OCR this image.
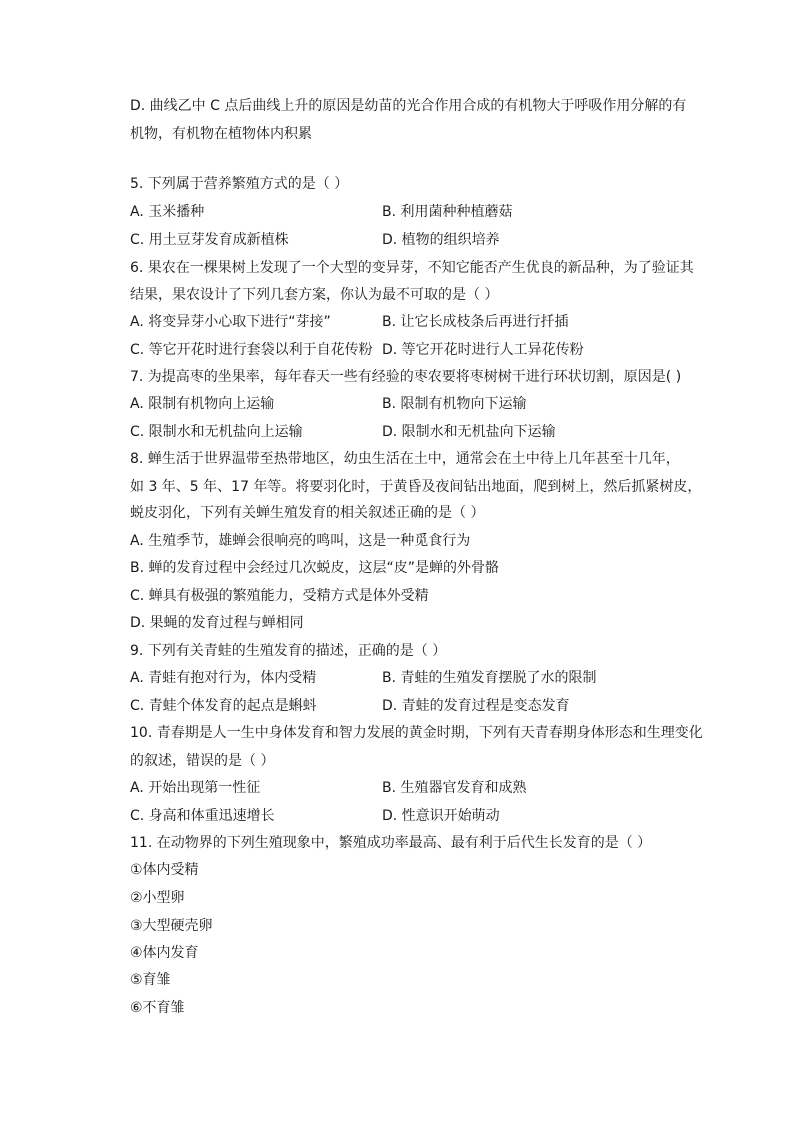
D. 曲线乙中 C 点后曲线上升的原因是幼苗的光合作用合成的有机物大于呼吸作用分解的有
机物，有机物在植物体内积累
5. 下列属于营养繁殖方式的是（ ）
A. 玉米播种	B. 利用菌种种植蘑菇
C. 用土豆芽发育成新植株	D. 植物的组织培养
6. 果农在一棵果树上发现了一个大型的变异芽，不知它能否产生优良的新品种，为了验证其
结果，果农设计了下列几套方案，你认为最不可取的是（ ）
A. 将变异芽小心取下进行“芽接”	B. 让它长成枝条后再进行扦插
C. 等它开花时进行套袋以利于自花传粉 D. 等它开花时进行人工异花传粉
7. 为提高枣的坐果率，每年春天一些有经验的枣农要将枣树树干进行环状切割，原因是( )
A. 限制有机物向上运输	B. 限制有机物向下运输
C. 限制水和无机盐向上运输	D. 限制水和无机盐向下运输
8. 蝉生活于世界温带至热带地区，幼虫生活在土中，通常会在土中待上几年甚至十几年，
如 3 年、5 年、17 年等。将要羽化时，于黄昏及夜间钻出地面，爬到树上，然后抓紧树皮，
蜕皮羽化，下列有关蝉生殖发育的相关叙述正确的是（ ）
A. 生殖季节，雄蝉会很响亮的鸣叫，这是一种觅食行为
B. 蝉的发育过程中会经过几次蜕皮，这层“皮”是蝉的外骨骼
C. 蝉具有极强的繁殖能力，受精方式是体外受精
D. 果蝇的发育过程与蝉相同
9. 下列有关青蛙的生殖发育的描述，正确的是（ ）
A. 青蛙有抱对行为，体内受精	B. 青蛙的生殖发育摆脱了水的限制
C. 青蛙个体发育的起点是蝌蚪	D. 青蛙的发育过程是变态发育
10. 青春期是人一生中身体发育和智力发展的黄金时期，下列有天青春期身体形态和生理变化
的叙述，错误的是（ ）
A. 开始出现第一性征	B. 生殖器官发育和成熟
C. 身高和体重迅速增长	D. 性意识开始萌动
11. 在动物界的下列生殖现象中，繁殖成功率最高、最有利于后代生长发育的是（ ）
①体内受精
②小型卵
③大型硬壳卵
④体内发育
⑤育雏
⑥不育雏
